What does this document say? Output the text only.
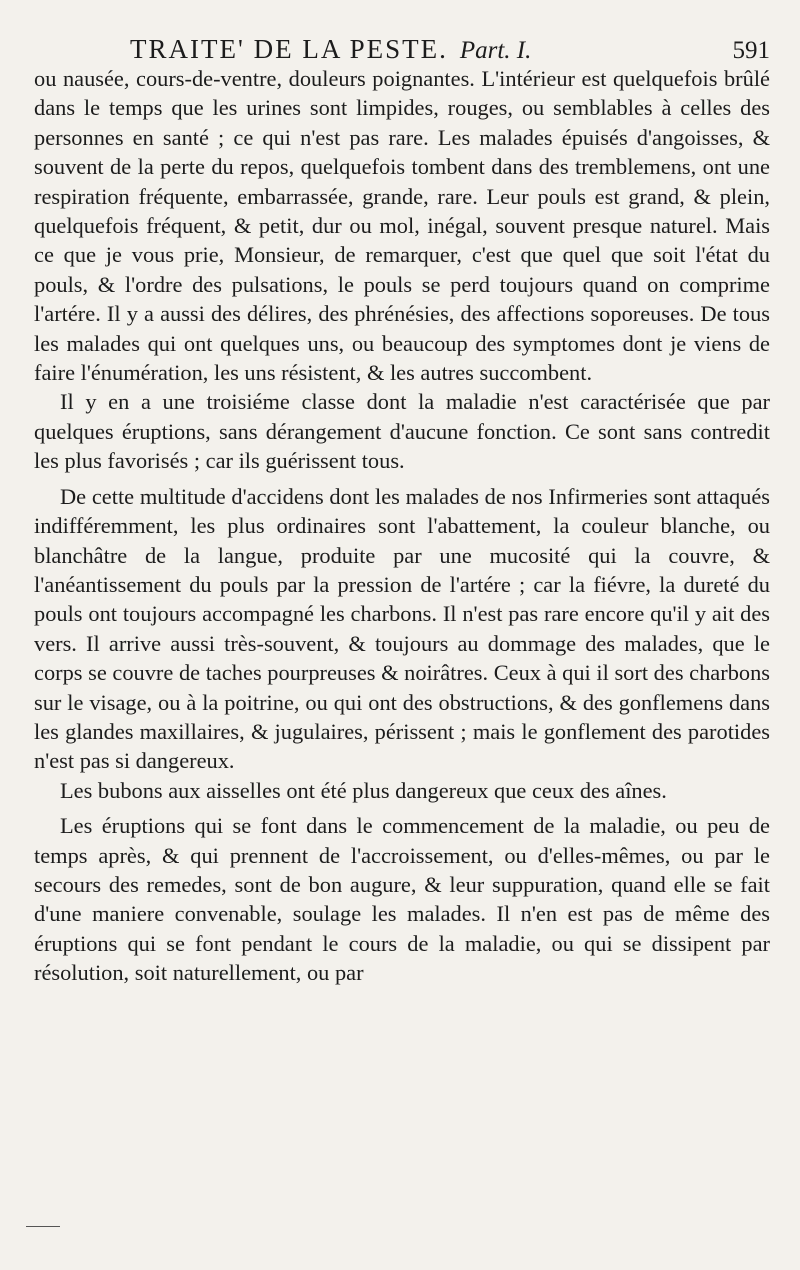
TRAITE' DE LA PESTE. Part. I.	591

ou nausée, cours-de-ventre, douleurs poignantes. L'intérieur est quelquefois brûlé dans le temps que les urines sont limpides, rouges, ou semblables à celles des personnes en santé ; ce qui n'est pas rare. Les malades épuisés d'angoisses, & souvent de la perte du repos, quelquefois tombent dans des tremblemens, ont une respiration fréquente, embarrassée, grande, rare. Leur pouls est grand, & plein, quelquefois fréquent, & petit, dur ou mol, inégal, souvent presque naturel. Mais ce que je vous prie, Monsieur, de remarquer, c'est que quel que soit l'état du pouls, & l'ordre des pulsations, le pouls se perd toujours quand on comprime l'artére. Il y a aussi des délires, des phrénésies, des affections soporeuses. De tous les malades qui ont quelques uns, ou beaucoup des symptomes dont je viens de faire l'énumération, les uns résistent, & les autres succombent.

Il y en a une troisiéme classe dont la maladie n'est caractérisée que par quelques éruptions, sans dérangement d'aucune fonction. Ce sont sans contredit les plus favorisés ; car ils guérissent tous.

De cette multitude d'accidens dont les malades de nos Infirmeries sont attaqués indifféremment, les plus ordinaires sont l'abattement, la couleur blanche, ou blanchâtre de la langue, produite par une mucosité qui la couvre, & l'anéantissement du pouls par la pression de l'artére ; car la fiévre, la dureté du pouls ont toujours accompagné les charbons. Il n'est pas rare encore qu'il y ait des vers. Il arrive aussi très-souvent, & toujours au dommage des malades, que le corps se couvre de taches pourpreuses & noirâtres. Ceux à qui il sort des charbons sur le visage, ou à la poitrine, ou qui ont des obstructions, & des gonflemens dans les glandes maxillaires, & jugulaires, périssent ; mais le gonflement des parotides n'est pas si dangereux.

Les bubons aux aisselles ont été plus dangereux que ceux des aînes.

Les éruptions qui se font dans le commencement de la maladie, ou peu de temps après, & qui prennent de l'accroissement, ou d'elles-mêmes, ou par le secours des remedes, sont de bon augure, & leur suppuration, quand elle se fait d'une maniere convenable, soulage les malades. Il n'en est pas de même des éruptions qui se font pendant le cours de la maladie, ou qui se dissipent par résolution, soit naturellement, ou par
